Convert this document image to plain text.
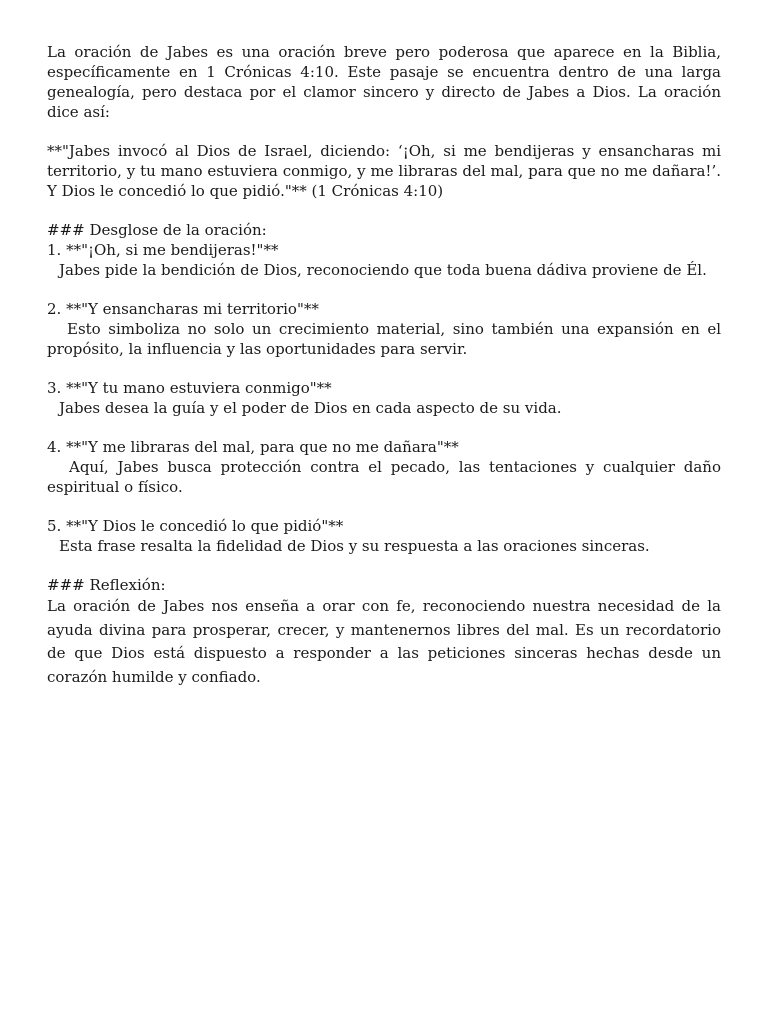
La oración de Jabes es una oración breve pero poderosa que aparece en la Biblia, específicamente en 1 Crónicas 4:10. Este pasaje se encuentra dentro de una larga genealogía, pero destaca por el clamor sincero y directo de Jabes a Dios. La oración dice así:

**"Jabes invocó al Dios de Israel, diciendo: ‘¡Oh, si me bendijeras y ensancharas mi territorio, y tu mano estuviera conmigo, y me libraras del mal, para que no me dañara!’. Y Dios le concedió lo que pidió."** (1 Crónicas 4:10)

### Desglose de la oración:

1. **"¡Oh, si me bendijeras!"**

Jabes pide la bendición de Dios, reconociendo que toda buena dádiva proviene de Él.

2. **"Y ensancharas mi territorio"**

Esto simboliza no solo un crecimiento material, sino también una expansión en el propósito, la influencia y las oportunidades para servir.

3. **"Y tu mano estuviera conmigo"**

Jabes desea la guía y el poder de Dios en cada aspecto de su vida.

4. **"Y me libraras del mal, para que no me dañara"**

Aquí, Jabes busca protección contra el pecado, las tentaciones y cualquier daño espiritual o físico.

5. **"Y Dios le concedió lo que pidió"**

Esta frase resalta la fidelidad de Dios y su respuesta a las oraciones sinceras.

### Reflexión:

La oración de Jabes nos enseña a orar con fe, reconociendo nuestra necesidad de la ayuda divina para prosperar, crecer, y mantenernos libres del mal. Es un recordatorio de que Dios está dispuesto a responder a las peticiones sinceras hechas desde un corazón humilde y confiado.
